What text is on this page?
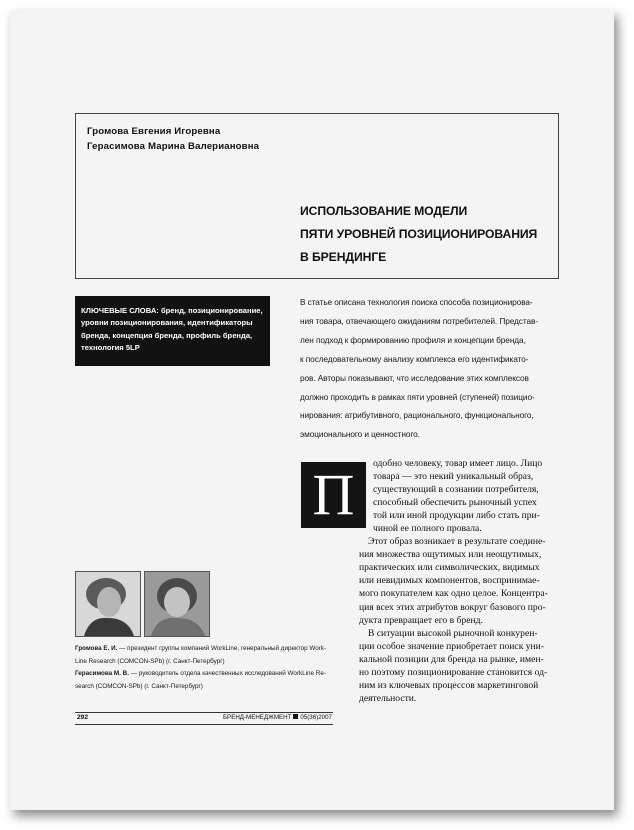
Громова Евгения Игоревна
Герасимова Марина Валериановна
ИСПОЛЬЗОВАНИЕ МОДЕЛИ
ПЯТИ УРОВНЕЙ ПОЗИЦИОНИРОВАНИЯ
В БРЕНДИНГЕ
КЛЮЧЕВЫЕ СЛОВА: бренд, позиционирование,
уровни позиционирования, идентификаторы
бренда, концепция бренда, профиль бренда,
технология 5LP
В статье описана технология поиска способа позиционирова-
ния товара, отвечающего ожиданиям потребителей. Представ-
лен подход к формированию профиля и концепции бренда,
к последовательному анализу комплекса его идентификато-
ров. Авторы показывают, что исследование этих комплексов
должно проходить в рамках пяти уровней (ступеней) позицио-
нирования: атрибутивного, рационального, функционального,
эмоционального и ценностного.
одобно человеку, товар имеет лицо. Лицо
товара — это некий уникальный образ,
существующий в сознании потребителя,
способный обеспечить рыночный успех
той или иной продукции либо стать при-
чиной ее полного провала.
Этот образ возникает в результате соедине-
ния множества ощутимых или неощутимых,
практических или символических, видимых
или невидимых компонентов, воспринимае-
мого покупателем как одно целое. Концентра-
ция всех этих атрибутов вокруг базового про-
дукта превращает его в бренд.
В ситуации высокой рыночной конкурен-
ции особое значение приобретает поиск уни-
кальной позиции для бренда на рынке, имен-
но поэтому позиционирование становится од-
ним из ключевых процессов маркетинговой
деятельности.
П
Громова Е. И. — президент группы компаний WorkLine, генеральный директор Work-
Line Research (COMCON-SPb) (г. Санкт-Петербург)
Герасимова М. В. — руководитель отдела качественных исследований WorkLine Re-
search (COMCON-SPb) (г. Санкт-Петербург)
292	БРЕНД-МЕНЕДЖМЕНТ 05(36)2007
